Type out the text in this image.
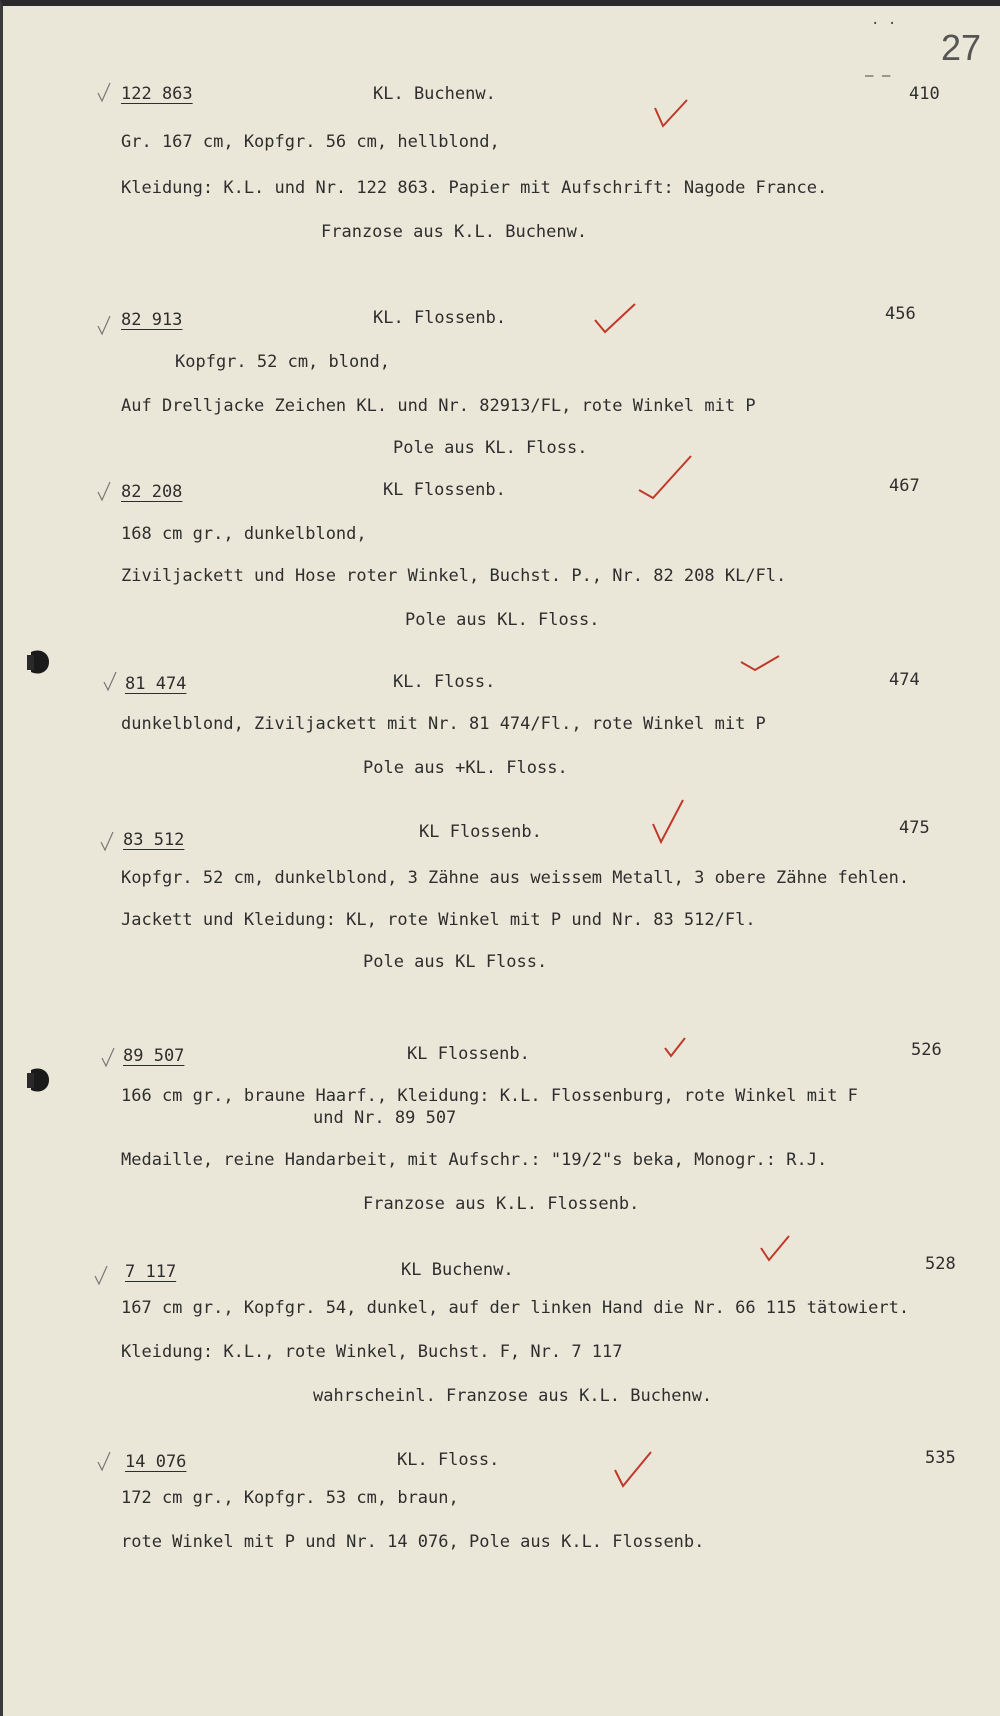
27
· ·
– –
122 863	KL. Buchenw.	410
Gr. 167 cm, Kopfgr. 56 cm, hellblond,
Kleidung: K.L. und Nr. 122 863. Papier mit Aufschrift: Nagode France.
Franzose aus K.L. Buchenw.
82 913	KL. Flossenb.	456
Kopfgr. 52 cm, blond,
Auf Drelljacke Zeichen KL. und Nr. 82913/FL, rote Winkel mit P
Pole aus KL. Floss.
82 208	KL Flossenb.	467
168 cm gr., dunkelblond,
Ziviljackett und Hose roter Winkel, Buchst. P., Nr. 82 208 KL/Fl.
Pole aus KL. Floss.
81 474	KL. Floss.	474
dunkelblond, Ziviljackett mit Nr. 81 474/Fl., rote Winkel mit P
Pole aus +KL. Floss.
83 512	KL Flossenb.	475
Kopfgr. 52 cm, dunkelblond, 3 Zähne aus weissem Metall, 3 obere Zähne fehlen.
Jackett und Kleidung: KL, rote Winkel mit P und Nr. 83 512/Fl.
Pole aus KL Floss.
89 507	KL Flossenb.	526
166 cm gr., braune Haarf., Kleidung: K.L. Flossenburg, rote Winkel mit F
und Nr. 89 507
Medaille, reine Handarbeit, mit Aufschr.: "19/2"s beka, Monogr.: R.J.
Franzose aus K.L. Flossenb.
7 117	KL Buchenw.	528
167 cm gr., Kopfgr. 54, dunkel, auf der linken Hand die Nr. 66 115 tätowiert.
Kleidung: K.L., rote Winkel, Buchst. F, Nr. 7 117
wahrscheinl. Franzose aus K.L. Buchenw.
14 076	KL. Floss.	535
172 cm gr., Kopfgr. 53 cm, braun,
rote Winkel mit P und Nr. 14 076, Pole aus K.L. Flossenb.
